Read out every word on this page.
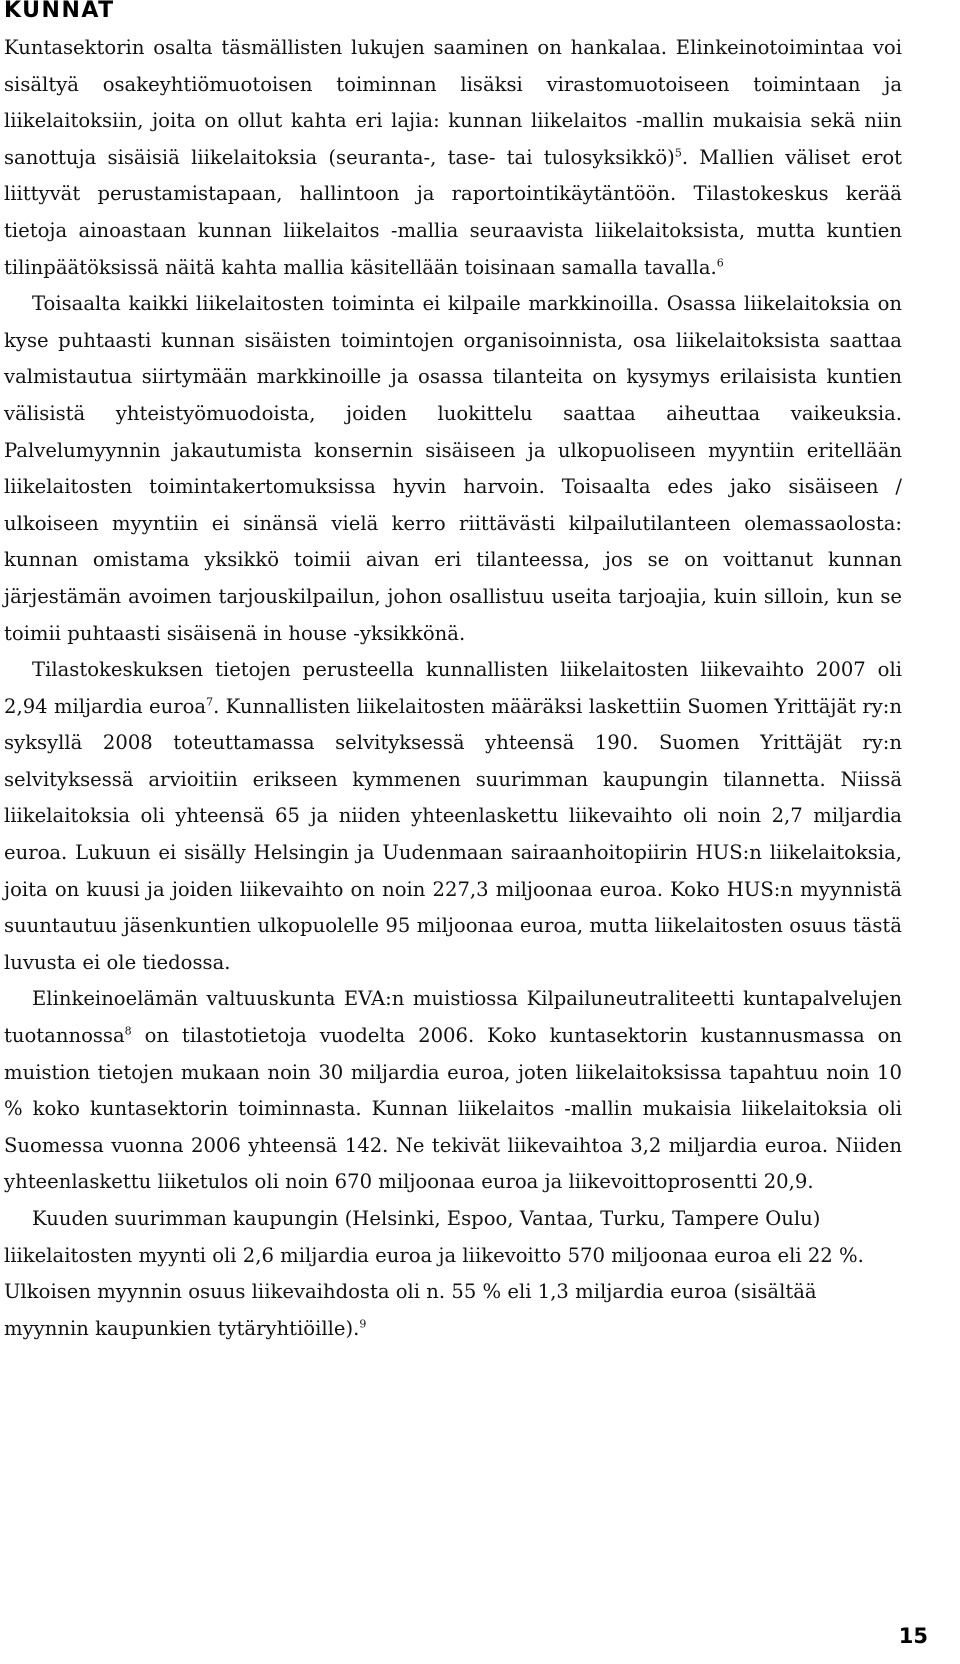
KUNNAT

Kuntasektorin osalta täsmällisten lukujen saaminen on hankalaa. Elinkeinotoimintaa voi sisältyä osakeyhtiömuotoisen toiminnan lisäksi virastomuotoiseen toimintaan ja liikelaitoksiin, joita on ollut kahta eri lajia: kunnan liikelaitos -mallin mukaisia sekä niin sanottuja sisäisiä liikelaitoksia (seuranta-, tase- tai tulosyksikkö)$^5$. Mallien väliset erot liittyvät perustamistapaan, hallintoon ja raportointikäytäntöön. Tilastokeskus kerää tietoja ainoastaan kunnan liikelaitos -mallia seuraavista liikelaitoksista, mutta kuntien tilinpäätöksissä näitä kahta mallia käsitellään toisinaan samalla tavalla.$^6$

Toisaalta kaikki liikelaitosten toiminta ei kilpaile markkinoilla. Osassa liikelaitoksia on kyse puhtaasti kunnan sisäisten toimintojen organisoinnista, osa liikelaitoksista saattaa valmistautua siirtymään markkinoille ja osassa tilanteita on kysymys erilaisista kuntien välisistä yhteistyömuodoista, joiden luokittelu saattaa aiheuttaa vaikeuksia. Palvelumyynnin jakautumista konsernin sisäiseen ja ulkopuoliseen myyntiin eritellään liikelaitosten toimintakertomuksissa hyvin harvoin. Toisaalta edes jako sisäiseen / ulkoiseen myyntiin ei sinänsä vielä kerro riittävästi kilpailutilanteen olemassaolosta: kunnan omistama yksikkö toimii aivan eri tilanteessa, jos se on voittanut kunnan järjestämän avoimen tarjouskilpailun, johon osallistuu useita tarjoajia, kuin silloin, kun se toimii puhtaasti sisäisenä in house -yksikkönä.

Tilastokeskuksen tietojen perusteella kunnallisten liikelaitosten liikevaihto 2007 oli 2,94 miljardia euroa$^7$. Kunnallisten liikelaitosten määräksi laskettiin Suomen Yrittäjät ry:n syksyllä 2008 toteuttamassa selvityksessä yhteensä 190. Suomen Yrittäjät ry:n selvityksessä arvioitiin erikseen kymmenen suurimman kaupungin tilannetta. Niissä liikelaitoksia oli yhteensä 65 ja niiden yhteenlaskettu liikevaihto oli noin 2,7 miljardia euroa. Lukuun ei sisälly Helsingin ja Uudenmaan sairaanhoitopiirin HUS:n liikelaitoksia, joita on kuusi ja joiden liikevaihto on noin 227,3 miljoonaa euroa. Koko HUS:n myynnistä suuntautuu jäsenkuntien ulkopuolelle 95 miljoonaa euroa, mutta liikelaitosten osuus tästä luvusta ei ole tiedossa.

Elinkeinoelämän valtuuskunta EVA:n muistiossa Kilpailuneutraliteetti kuntapalvelujen tuotannossa$^8$ on tilastotietoja vuodelta 2006. Koko kuntasektorin kustannusmassa on muistion tietojen mukaan noin 30 miljardia euroa, joten liikelaitoksissa tapahtuu noin 10 % koko kuntasektorin toiminnasta. Kunnan liikelaitos -mallin mukaisia liikelaitoksia oli Suomessa vuonna 2006 yhteensä 142. Ne tekivät liikevaihtoa 3,2 miljardia euroa. Niiden yhteenlaskettu liiketulos oli noin 670 miljoonaa euroa ja liikevoittoprosentti 20,9.

Kuuden suurimman kaupungin (Helsinki, Espoo, Vantaa, Turku, Tampere Oulu) liikelaitosten myynti oli 2,6 miljardia euroa ja liikevoitto 570 miljoonaa euroa eli 22 %. Ulkoisen myynnin osuus liikevaihdosta oli n. 55 % eli 1,3 miljardia euroa (sisältää myynnin kaupunkien tytäryhtiöille).$^9$

15
